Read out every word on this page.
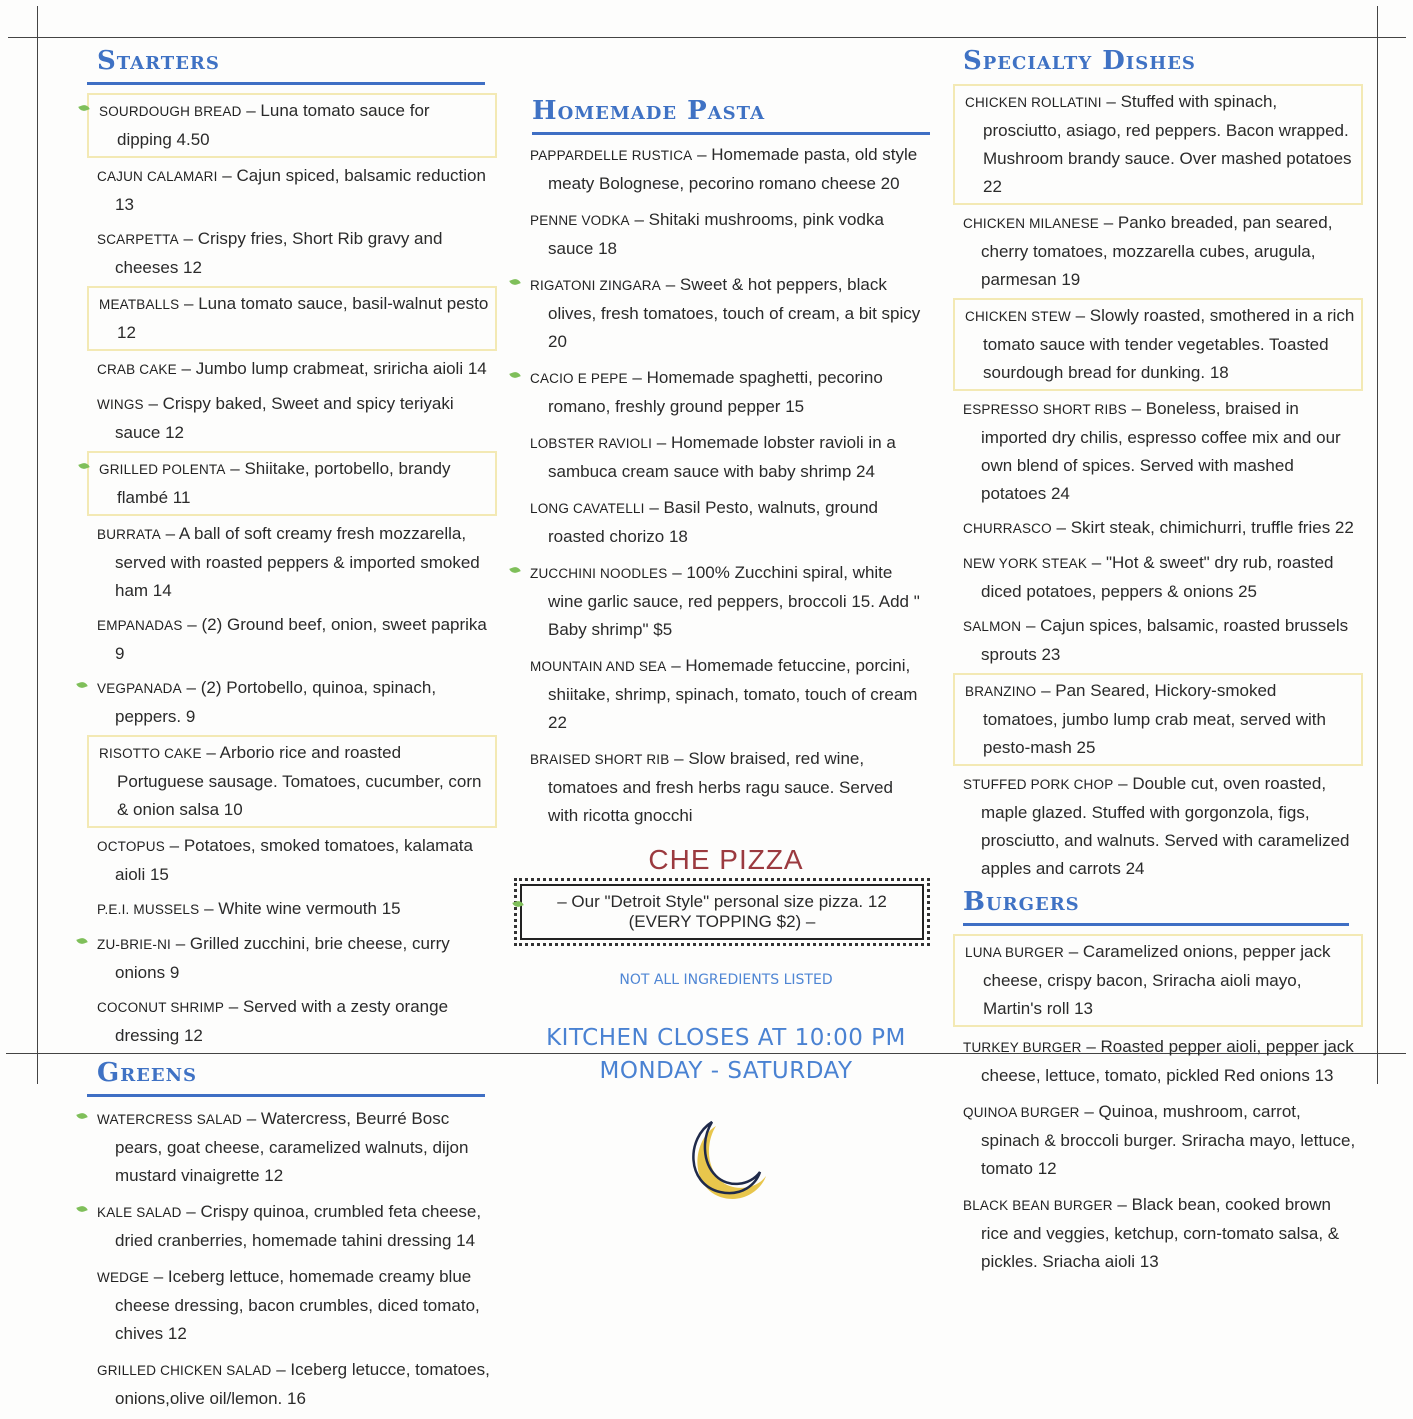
Starters
SOURDOUGH BREAD – Luna tomato sauce for dipping 4.50
CAJUN CALAMARI – Cajun spiced, balsamic reduction 13
SCARPETTA – Crispy fries, Short Rib gravy and cheeses 12
MEATBALLS – Luna tomato sauce, basil-walnut pesto 12
CRAB CAKE – Jumbo lump crabmeat, sriricha aioli 14
WINGS – Crispy baked, Sweet and spicy teriyaki sauce 12
GRILLED POLENTA – Shiitake, portobello, brandy flambé 11
BURRATA – A ball of soft creamy fresh mozzarella, served with roasted peppers & imported smoked ham 14
EMPANADAS – (2) Ground beef, onion, sweet paprika 9
VEGPANADA – (2) Portobello, quinoa, spinach, peppers. 9
RISOTTO CAKE – Arborio rice and roasted Portuguese sausage. Tomatoes, cucumber, corn & onion salsa 10
OCTOPUS – Potatoes, smoked tomatoes, kalamata aioli 15
P.E.I. MUSSELS – White wine vermouth 15
ZU-BRIE-NI – Grilled zucchini, brie cheese, curry onions 9
COCONUT SHRIMP – Served with a zesty orange dressing 12
Greens
WATERCRESS SALAD – Watercress, Beurré Bosc pears, goat cheese, caramelized walnuts, dijon mustard vinaigrette 12
KALE SALAD – Crispy quinoa, crumbled feta cheese, dried cranberries, homemade tahini dressing 14
WEDGE – Iceberg lettuce, homemade creamy blue cheese dressing, bacon crumbles, diced tomato, chives 12
GRILLED CHICKEN SALAD – Iceberg letucce, tomatoes, onions,olive oil/lemon. 16
Homemade Pasta
PAPPARDELLE RUSTICA – Homemade pasta, old style meaty Bolognese, pecorino romano cheese 20
PENNE VODKA – Shitaki mushrooms, pink vodka sauce 18
RIGATONI ZINGARA – Sweet & hot peppers, black olives, fresh tomatoes, touch of cream, a bit spicy 20
CACIO E PEPE – Homemade spaghetti, pecorino romano, freshly ground pepper 15
LOBSTER RAVIOLI – Homemade lobster ravioli in a sambuca cream sauce with baby shrimp 24
LONG CAVATELLI – Basil Pesto, walnuts, ground roasted chorizo 18
ZUCCHINI NOODLES – 100% Zucchini spiral, white wine garlic sauce, red peppers, broccoli 15. Add " Baby shrimp" $5
MOUNTAIN AND SEA – Homemade fetuccine, porcini, shiitake, shrimp, spinach, tomato, touch of cream 22
BRAISED SHORT RIB – Slow braised, red wine, tomatoes and fresh herbs ragu sauce. Served with ricotta gnocchi
CHE PIZZA
– Our "Detroit Style" personal size pizza. 12 (EVERY TOPPING $2) –
NOT ALL INGREDIENTS LISTED
KITCHEN CLOSES AT 10:00 PM
MONDAY - SATURDAY
Specialty Dishes
CHICKEN ROLLATINI – Stuffed with spinach, prosciutto, asiago, red peppers. Bacon wrapped. Mushroom brandy sauce. Over mashed potatoes 22
CHICKEN MILANESE – Panko breaded, pan seared, cherry tomatoes, mozzarella cubes, arugula, parmesan 19
CHICKEN STEW – Slowly roasted, smothered in a rich tomato sauce with tender vegetables. Toasted sourdough bread for dunking. 18
ESPRESSO SHORT RIBS – Boneless, braised in imported dry chilis, espresso coffee mix and our own blend of spices. Served with mashed potatoes 24
CHURRASCO – Skirt steak, chimichurri, truffle fries 22
NEW YORK STEAK – "Hot & sweet" dry rub, roasted diced potatoes, peppers & onions 25
SALMON – Cajun spices, balsamic, roasted brussels sprouts 23
BRANZINO – Pan Seared, Hickory-smoked tomatoes, jumbo lump crab meat, served with pesto-mash 25
STUFFED PORK CHOP – Double cut, oven roasted, maple glazed. Stuffed with gorgonzola, figs, prosciutto, and walnuts. Served with caramelized apples and carrots 24
Burgers
LUNA BURGER – Caramelized onions, pepper jack cheese, crispy bacon, Sriracha aioli mayo, Martin's roll 13
TURKEY BURGER – Roasted pepper aioli, pepper jack cheese, lettuce, tomato, pickled Red onions 13
QUINOA BURGER – Quinoa, mushroom, carrot, spinach & broccoli burger. Sriracha mayo, lettuce, tomato 12
BLACK BEAN BURGER – Black bean, cooked brown rice and veggies, ketchup, corn-tomato salsa, & pickles. Sriacha aioli 13
